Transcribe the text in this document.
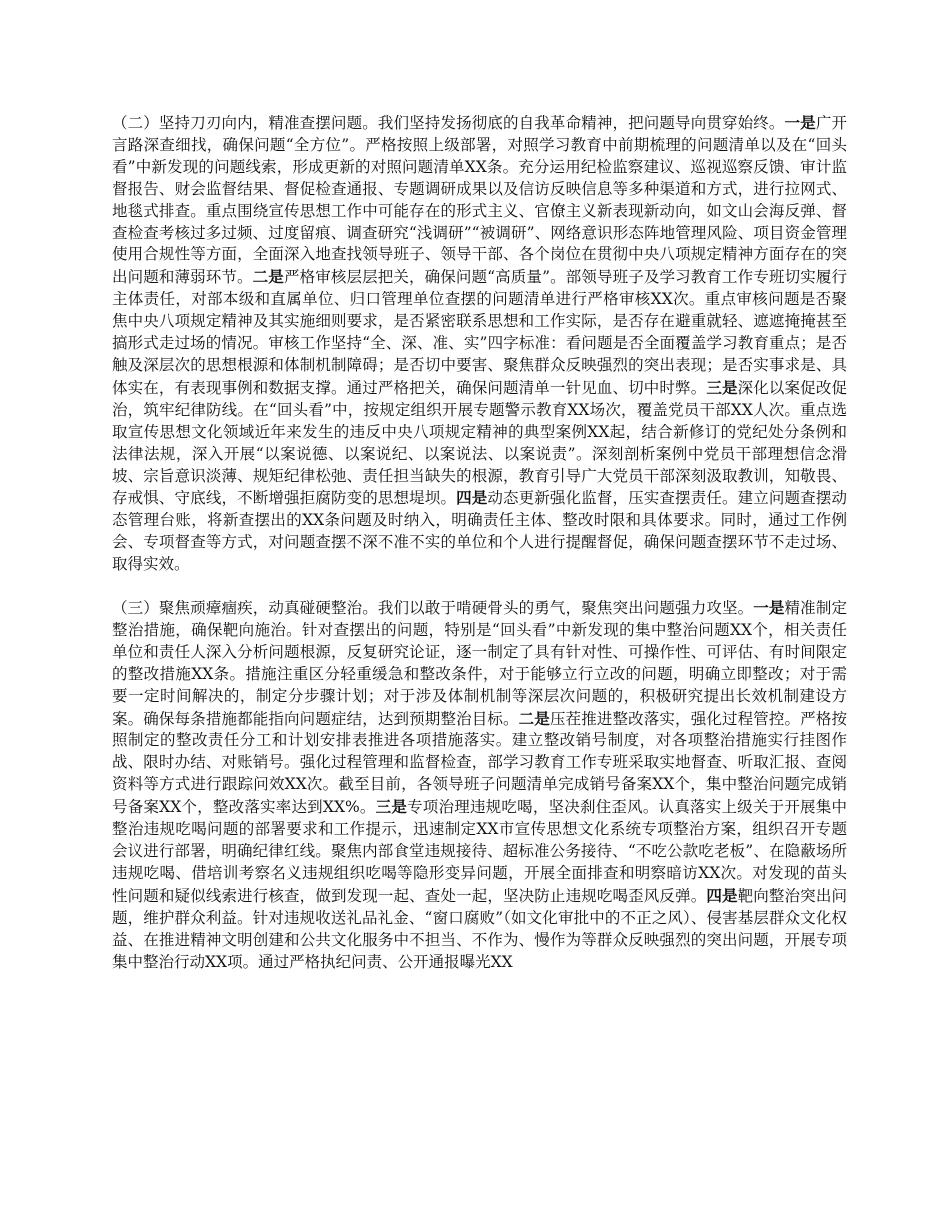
（二）坚持刀刃向内，精准查摆问题。我们坚持发扬彻底的自我革命精神，把问题导向贯穿始终。一是广开言路深查细找，确保问题“全方位”。严格按照上级部署，对照学习教育中前期梳理的问题清单以及在“回头看”中新发现的问题线索，形成更新的对照问题清单XX条。充分运用纪检监察建议、巡视巡察反馈、审计监督报告、财会监督结果、督促检查通报、专题调研成果以及信访反映信息等多种渠道和方式，进行拉网式、地毯式排查。重点围绕宣传思想工作中可能存在的形式主义、官僚主义新表现新动向，如文山会海反弹、督查检查考核过多过频、过度留痕、调查研究“浅调研”“被调研”、网络意识形态阵地管理风险、项目资金管理使用合规性等方面，全面深入地查找领导班子、领导干部、各个岗位在贯彻中央八项规定精神方面存在的突出问题和薄弱环节。二是严格审核层层把关，确保问题“高质量”。部领导班子及学习教育工作专班切实履行主体责任，对部本级和直属单位、归口管理单位查摆的问题清单进行严格审核XX次。重点审核问题是否聚焦中央八项规定精神及其实施细则要求，是否紧密联系思想和工作实际，是否存在避重就轻、遮遮掩掩甚至搞形式走过场的情况。审核工作坚持“全、深、准、实”四字标准：看问题是否全面覆盖学习教育重点；是否触及深层次的思想根源和体制机制障碍；是否切中要害、聚焦群众反映强烈的突出表现；是否实事求是、具体实在，有表现事例和数据支撑。通过严格把关，确保问题清单一针见血、切中时弊。三是深化以案促改促治，筑牢纪律防线。在“回头看”中，按规定组织开展专题警示教育XX场次，覆盖党员干部XX人次。重点选取宣传思想文化领域近年来发生的违反中央八项规定精神的典型案例XX起，结合新修订的党纪处分条例和法律法规，深入开展“以案说德、以案说纪、以案说法、以案说责”。深刻剖析案例中党员干部理想信念滑坡、宗旨意识淡薄、规矩纪律松弛、责任担当缺失的根源，教育引导广大党员干部深刻汲取教训，知敬畏、存戒惧、守底线，不断增强拒腐防变的思想堤坝。四是动态更新强化监督，压实查摆责任。建立问题查摆动态管理台账，将新查摆出的XX条问题及时纳入，明确责任主体、整改时限和具体要求。同时，通过工作例会、专项督查等方式，对问题查摆不深不准不实的单位和个人进行提醒督促，确保问题查摆环节不走过场、取得实效。

（三）聚焦顽瘴痼疾，动真碰硬整治。我们以敢于啃硬骨头的勇气，聚焦突出问题强力攻坚。一是精准制定整治措施，确保靶向施治。针对查摆出的问题，特别是“回头看”中新发现的集中整治问题XX个，相关责任单位和责任人深入分析问题根源，反复研究论证，逐一制定了具有针对性、可操作性、可评估、有时间限定的整改措施XX条。措施注重区分轻重缓急和整改条件，对于能够立行立改的问题，明确立即整改；对于需要一定时间解决的，制定分步骤计划；对于涉及体制机制等深层次问题的，积极研究提出长效机制建设方案。确保每条措施都能指向问题症结，达到预期整治目标。二是压茬推进整改落实，强化过程管控。严格按照制定的整改责任分工和计划安排表推进各项措施落实。建立整改销号制度，对各项整治措施实行挂图作战、限时办结、对账销号。强化过程管理和监督检查，部学习教育工作专班采取实地督查、听取汇报、查阅资料等方式进行跟踪问效XX次。截至目前，各领导班子问题清单完成销号备案XX个，集中整治问题完成销号备案XX个，整改落实率达到XX%。三是专项治理违规吃喝，坚决刹住歪风。认真落实上级关于开展集中整治违规吃喝问题的部署要求和工作提示，迅速制定XX市宣传思想文化系统专项整治方案，组织召开专题会议进行部署，明确纪律红线。聚焦内部食堂违规接待、超标准公务接待、“不吃公款吃老板”、在隐蔽场所违规吃喝、借培训考察名义违规组织吃喝等隐形变异问题，开展全面排查和明察暗访XX次。对发现的苗头性问题和疑似线索进行核查，做到发现一起、查处一起，坚决防止违规吃喝歪风反弹。四是靶向整治突出问题，维护群众利益。针对违规收送礼品礼金、“窗口腐败”（如文化审批中的不正之风）、侵害基层群众文化权益、在推进精神文明创建和公共文化服务中不担当、不作为、慢作为等群众反映强烈的突出问题，开展专项集中整治行动XX项。通过严格执纪问责、公开通报曝光XX
